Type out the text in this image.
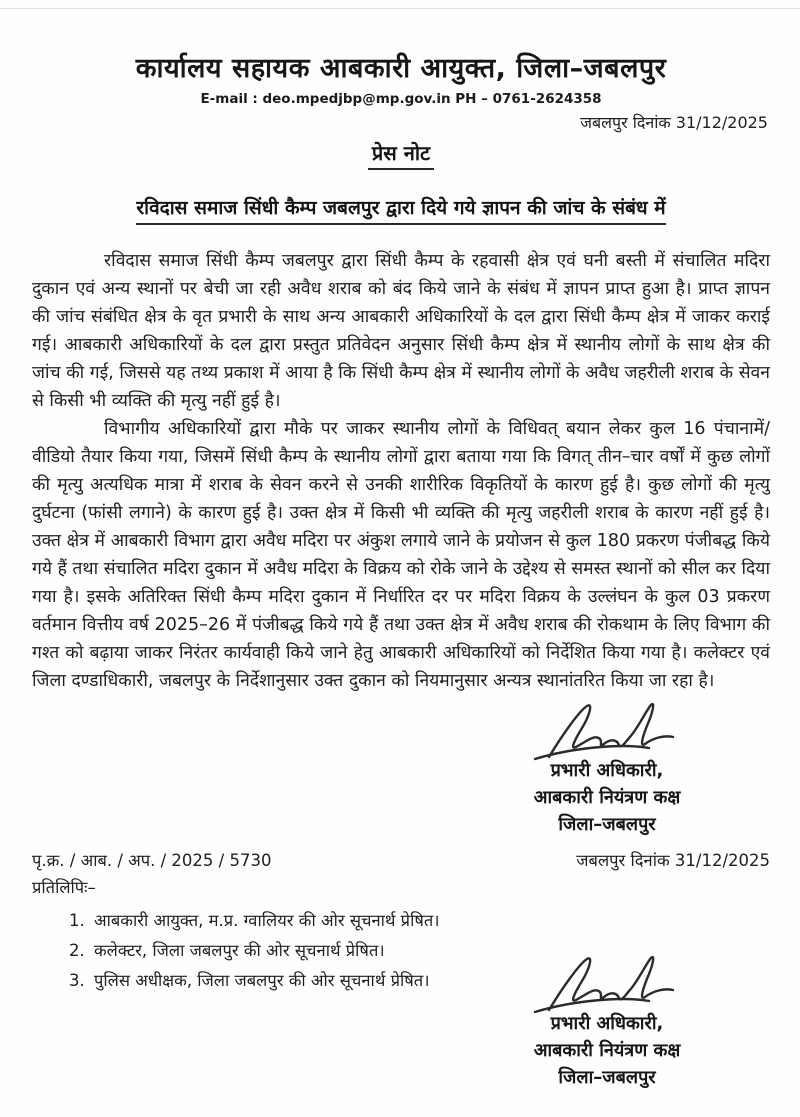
कार्यालय सहायक आबकारी आयुक्त, जिला–जबलपुर
E-mail : deo.mpedjbp@mp.gov.in PH – 0761-2624358
जबलपुर दिनांक 31/12/2025
प्रेस नोट
रविदास समाज सिंधी कैम्प जबलपुर द्वारा दिये गये ज्ञापन की जांच के संबंध में

रविदास समाज सिंधी कैम्प जबलपुर द्वारा सिंधी कैम्प के रहवासी क्षेत्र एवं घनी बस्ती में संचालित मदिरा दुकान एवं अन्य स्थानों पर बेची जा रही अवैध शराब को बंद किये जाने के संबंध में ज्ञापन प्राप्त हुआ है। प्राप्त ज्ञापन की जांच संबंधित क्षेत्र के वृत प्रभारी के साथ अन्य आबकारी अधिकारियों के दल द्वारा सिंधी कैम्प क्षेत्र में जाकर कराई गई। आबकारी अधिकारियों के दल द्वारा प्रस्तुत प्रतिवेदन अनुसार सिंधी कैम्प क्षेत्र में स्थानीय लोगों के साथ क्षेत्र की जांच की गई, जिससे यह तथ्य प्रकाश में आया है कि सिंधी कैम्प क्षेत्र में स्थानीय लोगों के अवैध जहरीली शराब के सेवन से किसी भी व्यक्ति की मृत्यु नहीं हुई है।

विभागीय अधिकारियों द्वारा मौके पर जाकर स्थानीय लोगों के विधिवत् बयान लेकर कुल 16 पंचानामें/वीडियो तैयार किया गया, जिसमें सिंधी कैम्प के स्थानीय लोगों द्वारा बताया गया कि विगत् तीन–चार वर्षों में कुछ लोगों की मृत्यु अत्यधिक मात्रा में शराब के सेवन करने से उनकी शारीरिक विकृतियों के कारण हुई है। कुछ लोगों की मृत्यु दुर्घटना (फांसी लगाने) के कारण हुई है। उक्त क्षेत्र में किसी भी व्यक्ति की मृत्यु जहरीली शराब के कारण नहीं हुई है। उक्त क्षेत्र में आबकारी विभाग द्वारा अवैध मदिरा पर अंकुश लगाये जाने के प्रयोजन से कुल 180 प्रकरण पंजीबद्ध किये गये हैं तथा संचालित मदिरा दुकान में अवैध मदिरा के विक्रय को रोके जाने के उद्देश्य से समस्त स्थानों को सील कर दिया गया है। इसके अतिरिक्त सिंधी कैम्प मदिरा दुकान में निर्धारित दर पर मदिरा विक्रय के उल्लंघन के कुल 03 प्रकरण वर्तमान वित्तीय वर्ष 2025–26 में पंजीबद्ध किये गये हैं तथा उक्त क्षेत्र में अवैध शराब की रोकथाम के लिए विभाग की गश्त को बढ़ाया जाकर निरंतर कार्यवाही किये जाने हेतु आबकारी अधिकारियों को निर्देशित किया गया है। कलेक्टर एवं जिला दण्डाधिकारी, जबलपुर के निर्देशानुसार उक्त दुकान को नियमानुसार अन्यत्र स्थानांतरित किया जा रहा है।

प्रभारी अधिकारी,
आबकारी नियंत्रण कक्ष
जिला–जबलपुर
पृ.क्र. / आब. / अप. / 2025 / 5730	जबलपुर दिनांक 31/12/2025
प्रतिलिपिः–
1. आबकारी आयुक्त, म.प्र. ग्वालियर की ओर सूचनार्थ प्रेषित।
2. कलेक्टर, जिला जबलपुर की ओर सूचनार्थ प्रेषित।
3. पुलिस अधीक्षक, जिला जबलपुर की ओर सूचनार्थ प्रेषित।
प्रभारी अधिकारी,
आबकारी नियंत्रण कक्ष
जिला–जबलपुर
